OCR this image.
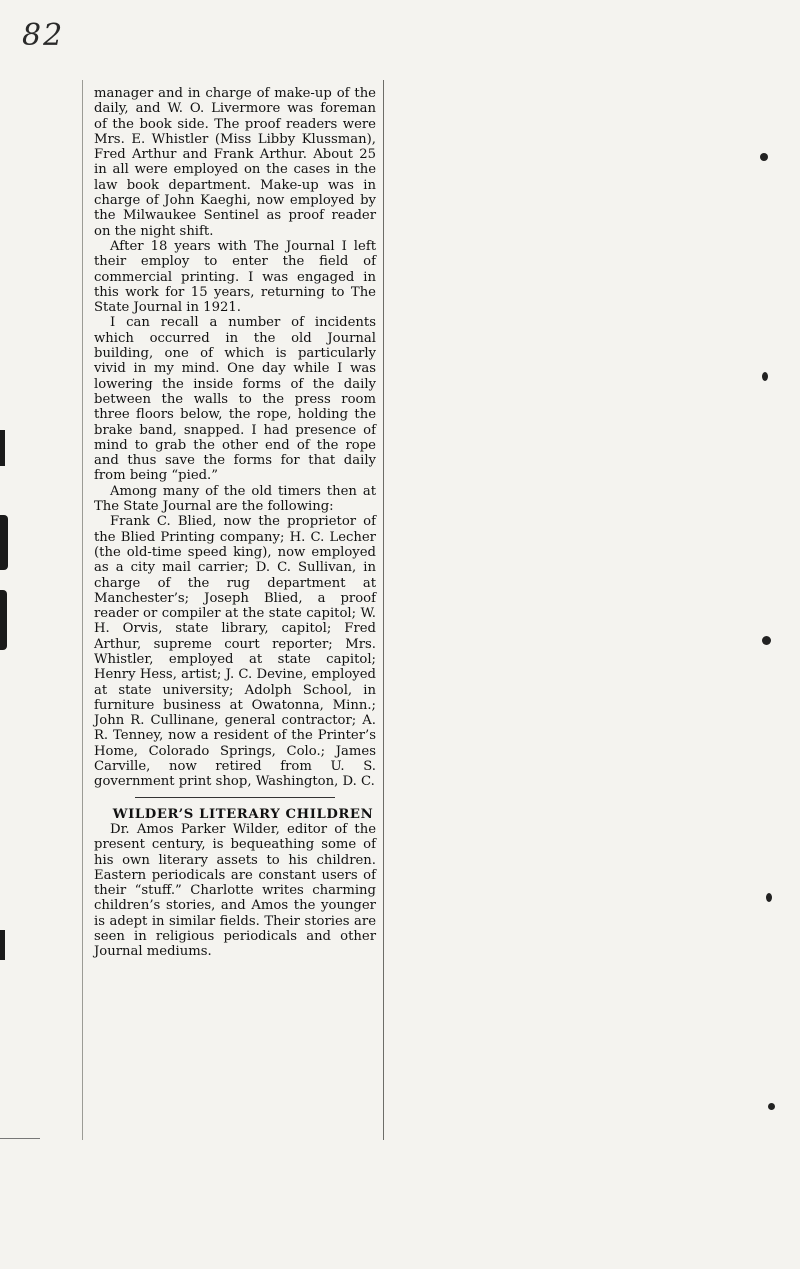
82

manager and in charge of make-up of the daily, and W. O. Livermore was foreman of the book side. The proof readers were Mrs. E. Whistler (Miss Libby Klussman), Fred Arthur and Frank Arthur. About 25 in all were employed on the cases in the law book department. Make-up was in charge of John Kaeghi, now employed by the Milwaukee Sentinel as proof reader on the night shift.

After 18 years with The Journal I left their employ to enter the field of commercial printing. I was engaged in this work for 15 years, returning to The State Journal in 1921.

I can recall a number of incidents which occurred in the old Journal building, one of which is particularly vivid in my mind. One day while I was lowering the inside forms of the daily between the walls to the press room three floors below, the rope, holding the brake band, snapped. I had presence of mind to grab the other end of the rope and thus save the forms for that daily from being “pied.”

Among many of the old timers then at The State Journal are the following:

Frank C. Blied, now the proprietor of the Blied Printing company; H. C. Lecher (the old-time speed king), now employed as a city mail carrier; D. C. Sullivan, in charge of the rug department at Manchester’s; Joseph Blied, a proof reader or compiler at the state capitol; W. H. Orvis, state library, capitol; Fred Arthur, supreme court reporter; Mrs. Whistler, employed at state capitol; Henry Hess, artist; J. C. Devine, employed at state university; Adolph School, in furniture business at Owatonna, Minn.; John R. Cullinane, general contractor; A. R. Tenney, now a resident of the Printer’s Home, Colorado Springs, Colo.; James Carville, now retired from U. S. government print shop, Washington, D. C.

WILDER’S LITERARY CHILDREN

Dr. Amos Parker Wilder, editor of the present century, is bequeathing some of his own literary assets to his children. Eastern periodicals are constant users of their “stuff.” Charlotte writes charming children’s stories, and Amos the younger is adept in similar fields. Their stories are seen in religious periodicals and other Journal mediums.
